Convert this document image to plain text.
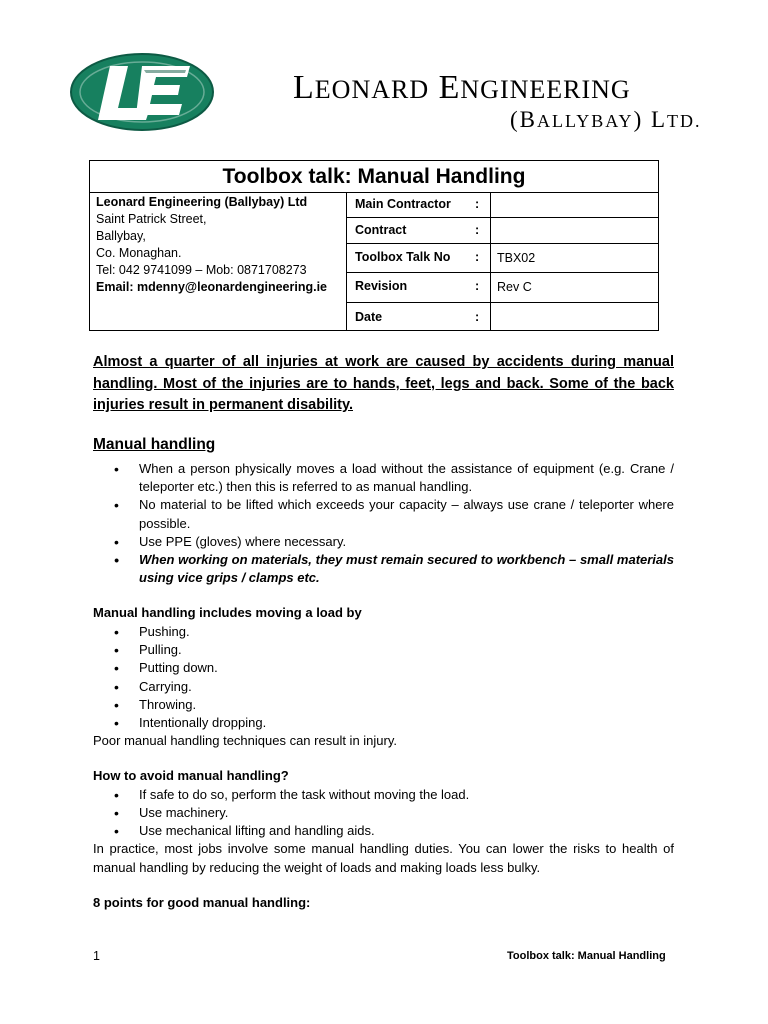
LEONARD ENGINEERING
(BALLYBAY) LTD.
Toolbox talk: Manual Handling
Leonard Engineering (Ballybay) Ltd
Saint Patrick Street,
Ballybay,
Co. Monaghan.
Tel: 042 9741099 – Mob: 0871708273
Email: mdenny@leonardengineering.ie
Main Contractor :
Contract	:
Toolbox Talk No :	TBX02
Revision	:	Rev C
Date	:
Almost a quarter of all injuries at work are caused by accidents during manual handling. Most of the injuries are to hands, feet, legs and back. Some of the back injuries result in permanent disability.
Manual handling
• When a person physically moves a load without the assistance of equipment (e.g. Crane / teleporter etc.) then this is referred to as manual handling.
• No material to be lifted which exceeds your capacity – always use crane / teleporter where possible.
• Use PPE (gloves) where necessary.
• When working on materials, they must remain secured to workbench – small materials using vice grips / clamps etc.
Manual handling includes moving a load by
• Pushing.
• Pulling.
• Putting down.
• Carrying.
• Throwing.
• Intentionally dropping.
Poor manual handling techniques can result in injury.
How to avoid manual handling?
• If safe to do so, perform the task without moving the load.
• Use machinery.
• Use mechanical lifting and handling aids.
In practice, most jobs involve some manual handling duties. You can lower the risks to health of manual handling by reducing the weight of loads and making loads less bulky.
8 points for good manual handling:
1	Toolbox talk: Manual Handling
